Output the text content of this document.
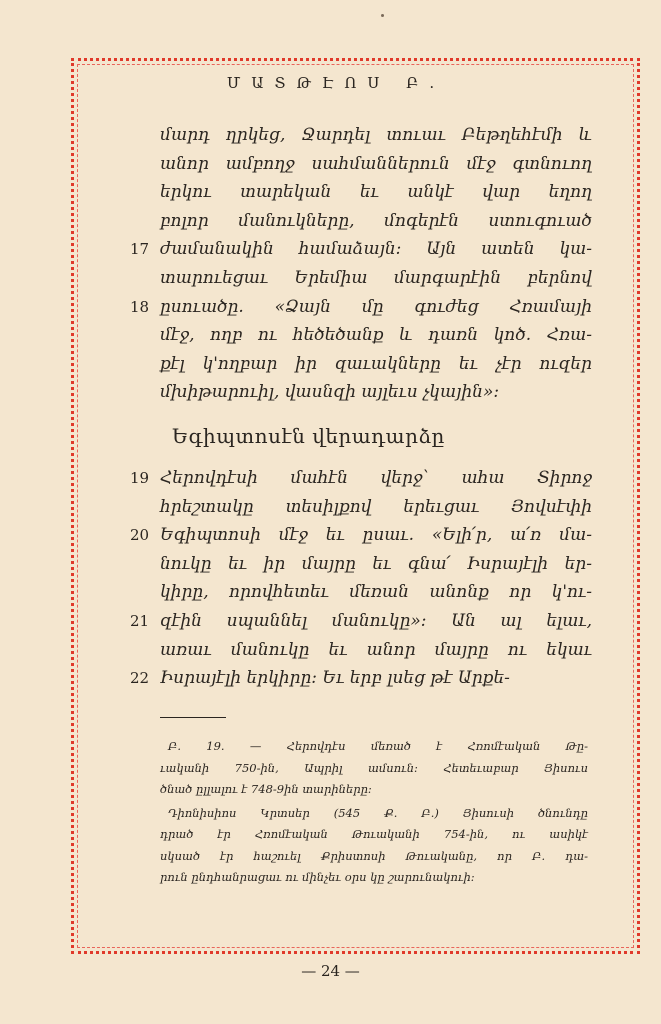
ՄԱՏԹԷՈՍ Բ.
մարդ ղրկեց, Ջարդել տուաւ Բեթղեհէմի և
անոր ամբողջ սահմաններուն մէջ գտնուող
երկու տարեկան եւ անկէ վար եղող
բոլոր մանուկները, մոգերէն ստուգուած
17 ժամանակին համաձայն: Այն ատեն կա-
տարուեցաւ Երեմիա մարգարէին բերնով
18 ըսուածը. «Ձայն մը գուժեց Հռամայի
մէջ, ողբ ու հեծեծանք և դառն կոծ. Հռա-
քէլ կ'ողբար իր զաւակները եւ չէր ուզեր
մխիթարուիլ, վասնզի այլեւս չկային»:
Եգիպտոսէն վերադարձը
19 Հերովդէսի մահէն վերջ՝ ահա Տիրոջ
հրեշտակը տեսիլքով երեւցաւ Յովսէփի
20 Եգիպտոսի մէջ եւ ըսաւ. «Ելի՛ր, ա՛ռ մա-
նուկը եւ իր մայրը եւ գնա՛ Իսրայէլի եր-
կիրը, որովհետեւ մեռան անոնք որ կ'ու-
21 զէին սպաննել մանուկը»: Ան ալ ելաւ,
առաւ մանուկը եւ անոր մայրը ու եկաւ
22 Իսրայէլի երկիրը: Եւ երբ լսեց թէ Արքե-
Բ. 19. — Հերովդէս մեռած է Հռոմէական Թը-
ւականի 750-ին, Ապրիլ ամսուն: Հետեւաբար Յիսուս
ծնած ըլլալու է 748-9ին տարիները:
Դիոնիսիոս Կրտսեր (545 Ք. Բ.) Յիսուսի ծնունդը
դրած էր Հռոմէական Թուականի 754-ին, ու ասիկէ
սկսած էր հաշուել Քրիստոսի Թուականը, որ Բ. դա-
րուն ընդհանրացաւ ու մինչեւ օրս կը շարունակուի:
— 24 —
